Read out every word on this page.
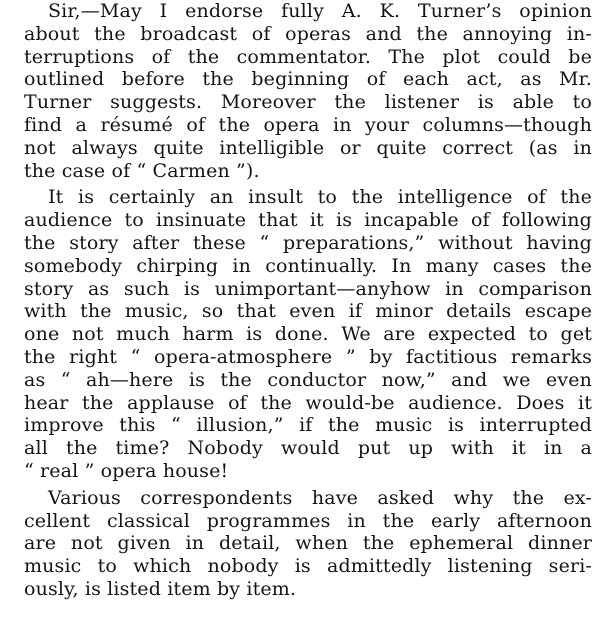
Sir,—May I endorse fully A. K. Turner’s opinion
about the broadcast of operas and the annoying in-
terruptions of the commentator. The plot could be
outlined before the beginning of each act, as Mr.
Turner suggests. Moreover the listener is able to
find a résumé of the opera in your columns—though
not always quite intelligible or quite correct (as in
the case of “ Carmen ”).
It is certainly an insult to the intelligence of the
audience to insinuate that it is incapable of following
the story after these “ preparations,” without having
somebody chirping in continually. In many cases the
story as such is unimportant—anyhow in comparison
with the music, so that even if minor details escape
one not much harm is done. We are expected to get
the right “ opera-atmosphere ” by factitious remarks
as “ ah—here is the conductor now,” and we even
hear the applause of the would-be audience. Does it
improve this “ illusion,” if the music is interrupted
all the time? Nobody would put up with it in a
“ real ” opera house!
Various correspondents have asked why the ex-
cellent classical programmes in the early afternoon
are not given in detail, when the ephemeral dinner
music to which nobody is admittedly listening seri-
ously, is listed item by item.
